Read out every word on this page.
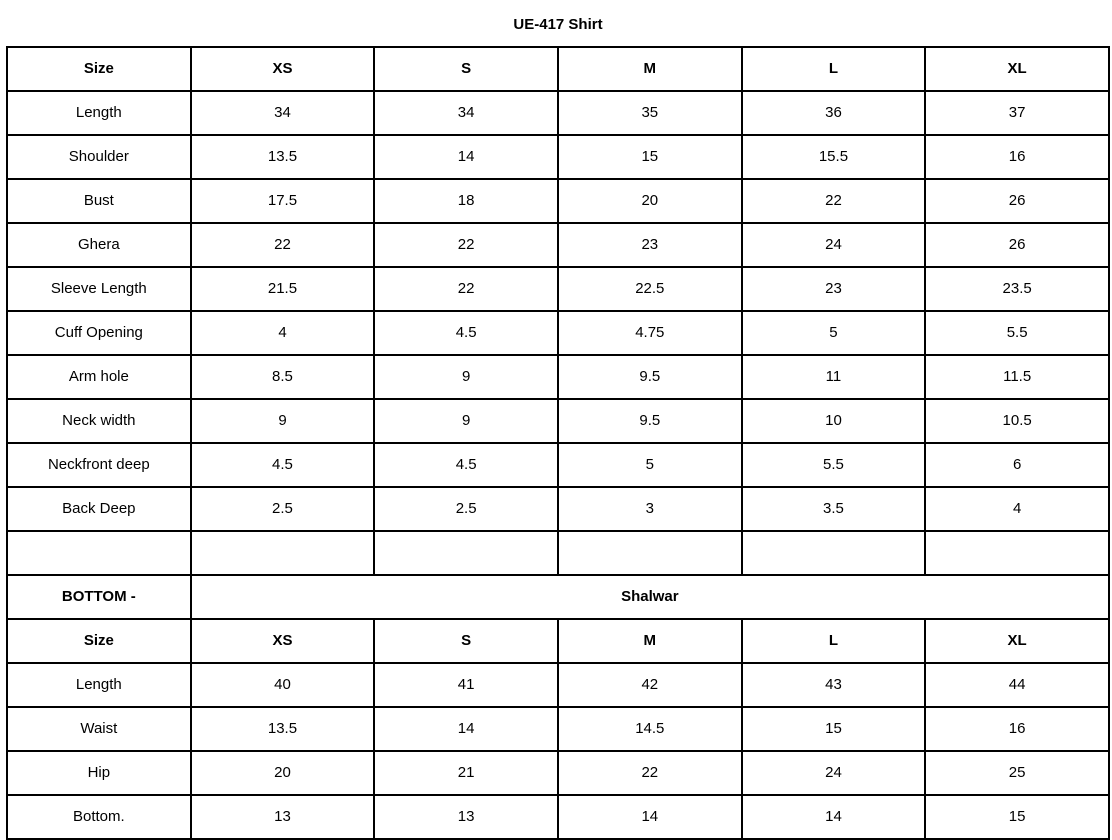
UE-417 Shirt					
Size	XS	S	M	L	XL
Length	34	34	35	36	37
Shoulder	13.5	14	15	15.5	16
Bust	17.5	18	20	22	26
Ghera	22	22	23	24	26
Sleeve Length	21.5	22	22.5	23	23.5
Cuff Opening	4	4.5	4.75	5	5.5
Arm hole	8.5	9	9.5	11	11.5
Neck width	9	9	9.5	10	10.5
Neckfront deep	4.5	4.5	5	5.5	6
Back Deep	2.5	2.5	3	3.5	4

BOTTOM -	Shalwar				
Size	XS	S	M	L	XL
Length	40	41	42	43	44
Waist	13.5	14	14.5	15	16
Hip	20	21	22	24	25
Bottom.	13	13	14	14	15
